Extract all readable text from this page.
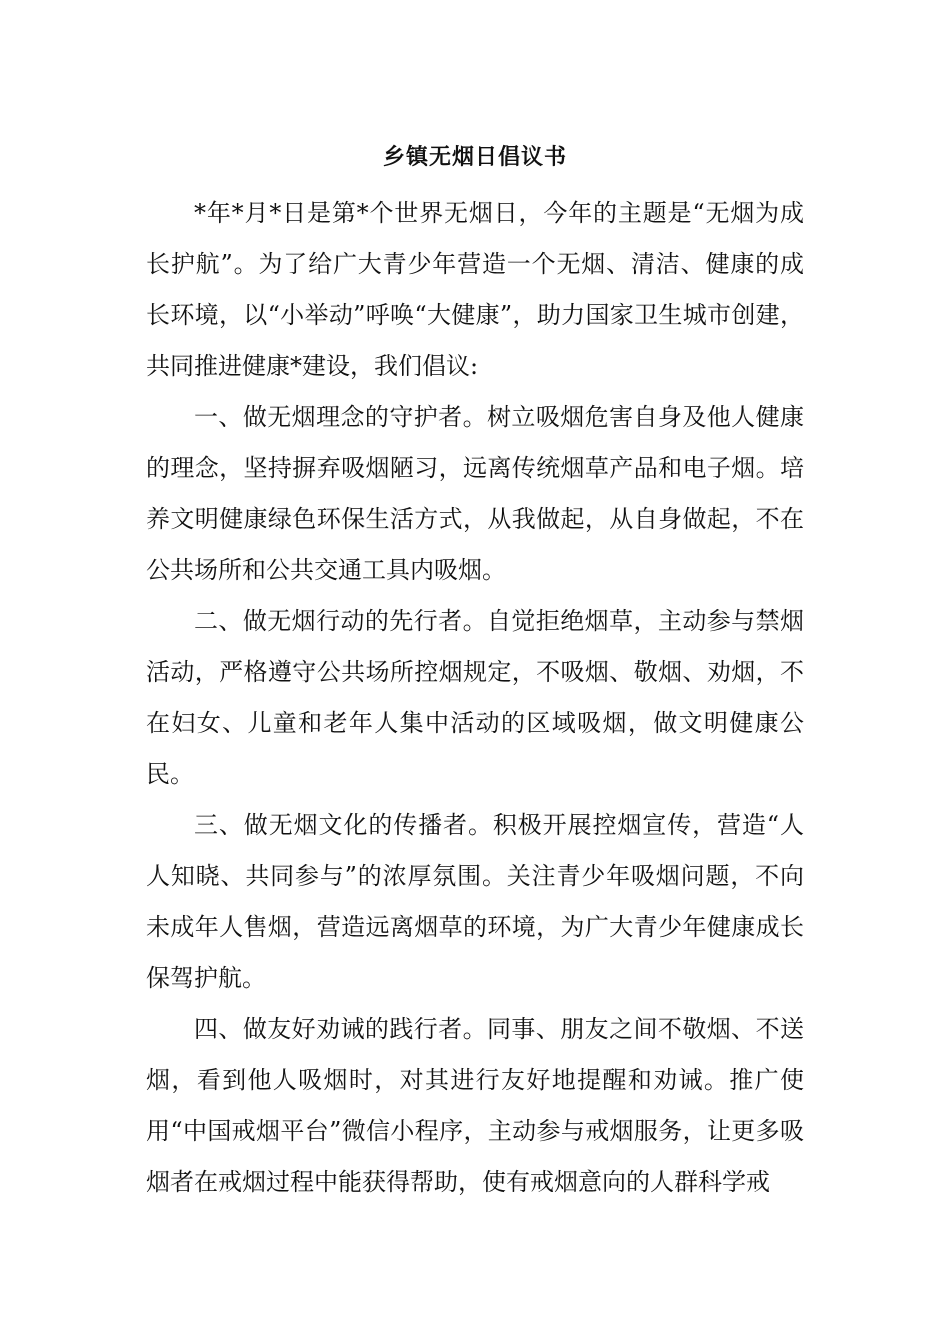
乡镇无烟日倡议书

*年*月*日是第*个世界无烟日，今年的主题是“无烟为成长护航”。为了给广大青少年营造一个无烟、清洁、健康的成长环境，以“小举动”呼唤“大健康”，助力国家卫生城市创建，共同推进健康*建设，我们倡议:

一、做无烟理念的守护者。树立吸烟危害自身及他人健康的理念，坚持摒弃吸烟陋习，远离传统烟草产品和电子烟。培养文明健康绿色环保生活方式，从我做起，从自身做起，不在公共场所和公共交通工具内吸烟。

二、做无烟行动的先行者。自觉拒绝烟草，主动参与禁烟活动，严格遵守公共场所控烟规定，不吸烟、敬烟、劝烟，不在妇女、儿童和老年人集中活动的区域吸烟，做文明健康公民。

三、做无烟文化的传播者。积极开展控烟宣传，营造“人人知晓、共同参与”的浓厚氛围。关注青少年吸烟问题，不向未成年人售烟，营造远离烟草的环境，为广大青少年健康成长保驾护航。

四、做友好劝诫的践行者。同事、朋友之间不敬烟、不送烟，看到他人吸烟时，对其进行友好地提醒和劝诫。推广使用“中国戒烟平台”微信小程序，主动参与戒烟服务，让更多吸烟者在戒烟过程中能获得帮助，使有戒烟意向的人群科学戒
